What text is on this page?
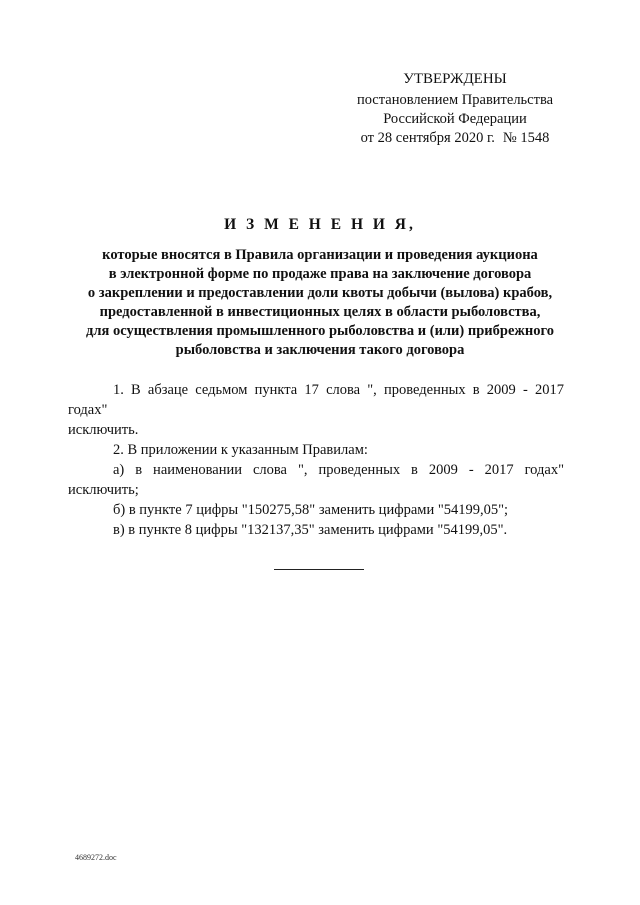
УТВЕРЖДЕНЫ
постановлением Правительства
Российской Федерации
от 28 сентября 2020 г. № 1548
И З М Е Н Е Н И Я,
которые вносятся в Правила организации и проведения аукциона
в электронной форме по продаже права на заключение договора
о закреплении и предоставлении доли квоты добычи (вылова) крабов,
предоставленной в инвестиционных целях в области рыболовства,
для осуществления промышленного рыболовства и (или) прибрежного
рыболовства и заключения такого договора
1. В абзаце седьмом пункта 17 слова ", проведенных в 2009 - 2017 годах"
исключить.
2. В приложении к указанным Правилам:
а) в наименовании слова ", проведенных в 2009 - 2017 годах"
исключить;
б) в пункте 7 цифры "150275,58" заменить цифрами "54199,05";
в) в пункте 8 цифры "132137,35" заменить цифрами "54199,05".
4689272.doc
